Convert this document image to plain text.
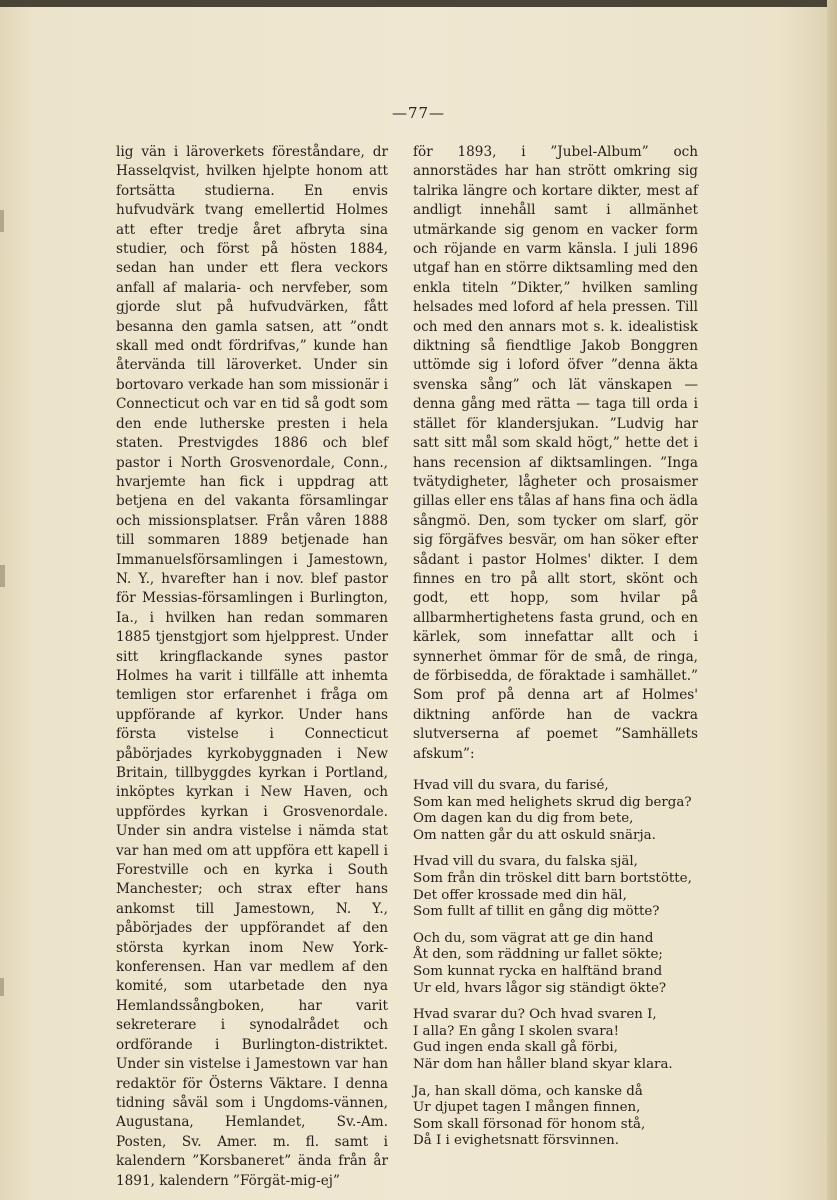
—77—

lig vän i läroverkets föreståndare, dr Hasselqvist, hvilken hjelpte honom att fortsätta studierna. En envis hufvudvärk tvang emellertid Holmes att efter tredje året afbryta sina studier, och först på hösten 1884, sedan han under ett flera veckors anfall af malaria- och nervfeber, som gjorde slut på hufvudvärken, fått besanna den gamla satsen, att ”ondt skall med ondt fördrifvas,” kunde han återvända till läroverket. Under sin bortovaro verkade han som missionär i Connecticut och var en tid så godt som den ende lutherske presten i hela staten. Prestvigdes 1886 och blef pastor i North Grosvenordale, Conn., hvarjemte han fick i uppdrag att betjena en del vakanta församlingar och missionsplatser. Från våren 1888 till sommaren 1889 betjenade han Immanuelsförsamlingen i Jamestown, N. Y., hvarefter han i nov. blef pastor för Messias-församlingen i Burlington, Ia., i hvilken han redan sommaren 1885 tjenstgjort som hjelpprest. Under sitt kringflackande synes pastor Holmes ha varit i tillfälle att inhemta temligen stor erfarenhet i fråga om uppförande af kyrkor. Under hans första vistelse i Connecticut påbörjades kyrkobyggnaden i New Britain, tillbyggdes kyrkan i Portland, inköptes kyrkan i New Haven, och uppfördes kyrkan i Grosvenordale. Under sin andra vistelse i nämda stat var han med om att uppföra ett kapell i Forestville och en kyrka i South Manchester; och strax efter hans ankomst till Jamestown, N. Y., påbörjades der uppförandet af den största kyrkan inom New York-konferensen. Han var medlem af den komité, som utarbetade den nya Hemlandssångboken, har varit sekreterare i synodalrådet och ordförande i Burlington-distriktet. Under sin vistelse i Jamestown var han redaktör för Österns Väktare. I denna tidning såväl som i Ungdoms-vännen, Augustana, Hemlandet, Sv.-Am. Posten, Sv. Amer. m. fl. samt i kalendern ”Korsbaneret” ända från år 1891, kalendern ”Förgät-mig-ej”

för 1893, i ”Jubel-Album” och annorstädes har han strött omkring sig talrika längre och kortare dikter, mest af andligt innehåll samt i allmänhet utmärkande sig genom en vacker form och röjande en varm känsla. I juli 1896 utgaf han en större diktsamling med den enkla titeln ”Dikter,” hvilken samling helsades med loford af hela pressen. Till och med den annars mot s. k. idealistisk diktning så fiendtlige Jakob Bonggren uttömde sig i loford öfver ”denna äkta svenska sång” och lät vänskapen — denna gång med rätta — taga till orda i stället för klandersjukan. ”Ludvig har satt sitt mål som skald högt,” hette det i hans recension af diktsamlingen. ”Inga tvätydigheter, lågheter och prosaismer gillas eller ens tålas af hans fina och ädla sångmö. Den, som tycker om slarf, gör sig förgäfves besvär, om han söker efter sådant i pastor Holmes' dikter. I dem finnes en tro på allt stort, skönt och godt, ett hopp, som hvilar på allbarmhertighetens fasta grund, och en kärlek, som innefattar allt och i synnerhet ömmar för de små, de ringa, de förbisedda, de föraktade i samhället.” Som prof på denna art af Holmes' diktning anförde han de vackra slutverserna af poemet ”Samhällets afskum”:

Hvad vill du svara, du farisé,
Som kan med helighets skrud dig berga?
Om dagen kan du dig from bete,
Om natten går du att oskuld snärja.
Hvad vill du svara, du falska själ,
Som från din tröskel ditt barn bortstötte,
Det offer krossade med din häl,
Som fullt af tillit en gång dig mötte?
Och du, som vägrat att ge din hand
Åt den, som räddning ur fallet sökte;
Som kunnat rycka en halftänd brand
Ur eld, hvars lågor sig ständigt ökte?
Hvad svarar du? Och hvad svaren I,
I alla? En gång I skolen svara!
Gud ingen enda skall gå förbi,
När dom han håller bland skyar klara.
Ja, han skall döma, och kanske då
Ur djupet tagen I mången finnen,
Som skall försonad för honom stå,
Då I i evighetsnatt försvinnen.
